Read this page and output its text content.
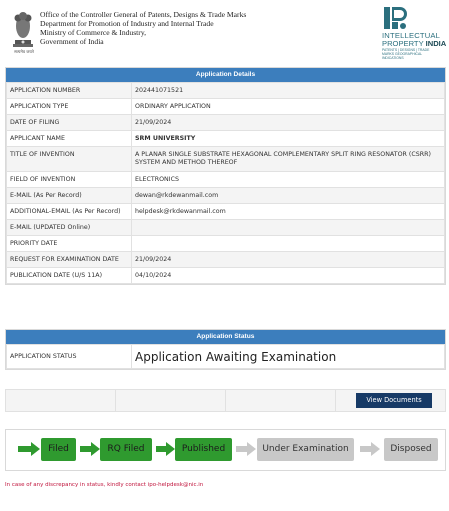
सत्यमेव जयते
Office of the Controller General of Patents, Designs & Trade Marks
Department for Promotion of Industry and Internal Trade
Ministry of Commerce & Industry,
Government of India
INTELLECTUAL
PROPERTY INDIA
PATENTS | DESIGNS | TRADE MARKS GEOGRAPHICAL INDICATIONS
Application Details
APPLICATION NUMBER	202441071521
APPLICATION TYPE	ORDINARY APPLICATION
DATE OF FILING	21/09/2024
APPLICANT NAME	SRM UNIVERSITY
TITLE OF INVENTION	A PLANAR SINGLE SUBSTRATE HEXAGONAL COMPLEMENTARY SPLIT RING RESONATOR (CSRR) SYSTEM AND METHOD THEREOF
FIELD OF INVENTION	ELECTRONICS
E-MAIL (As Per Record)	dewan@rkdewanmail.com
ADDITIONAL-EMAIL (As Per Record)	helpdesk@rkdewanmail.com
E-MAIL (UPDATED Online)	
PRIORITY DATE	
REQUEST FOR EXAMINATION DATE	21/09/2024
PUBLICATION DATE (U/S 11A)	04/10/2024
Application Status
APPLICATION STATUS	Application Awaiting Examination
View Documents
Filed	RQ Filed	Published	Under Examination	Disposed
In case of any discrepancy in status, kindly contact ipo-helpdesk@nic.in
